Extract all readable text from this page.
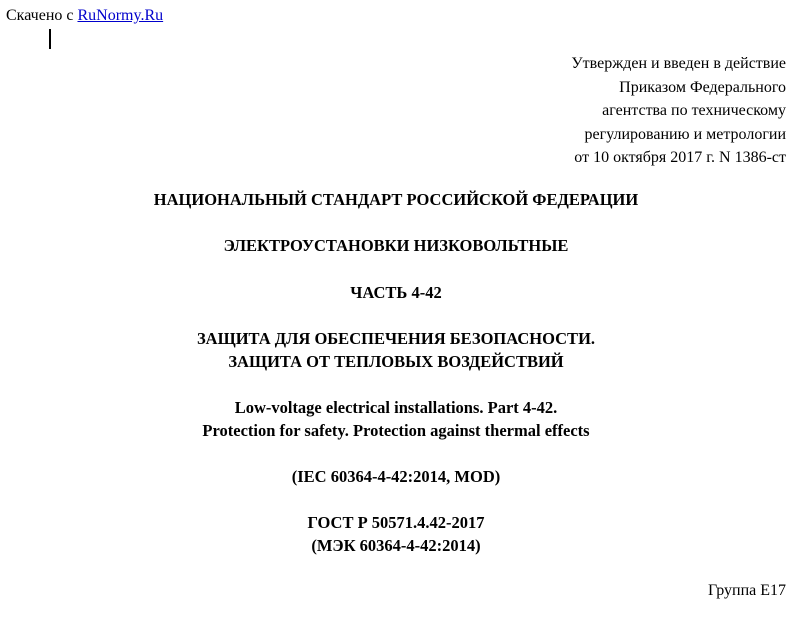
Скачено с RuNormy.Ru
Утвержден и введен в действие
Приказом Федерального
агентства по техническому
регулированию и метрологии
от 10 октября 2017 г. N 1386-ст
НАЦИОНАЛЬНЫЙ СТАНДАРТ РОССИЙСКОЙ ФЕДЕРАЦИИ
ЭЛЕКТРОУСТАНОВКИ НИЗКОВОЛЬТНЫЕ
ЧАСТЬ 4-42
ЗАЩИТА ДЛЯ ОБЕСПЕЧЕНИЯ БЕЗОПАСНОСТИ.
ЗАЩИТА ОТ ТЕПЛОВЫХ ВОЗДЕЙСТВИЙ
Low-voltage electrical installations. Part 4-42.
Protection for safety. Protection against thermal effects
(IEC 60364-4-42:2014, MOD)
ГОСТ Р 50571.4.42-2017
(МЭК 60364-4-42:2014)
Группа Е17
